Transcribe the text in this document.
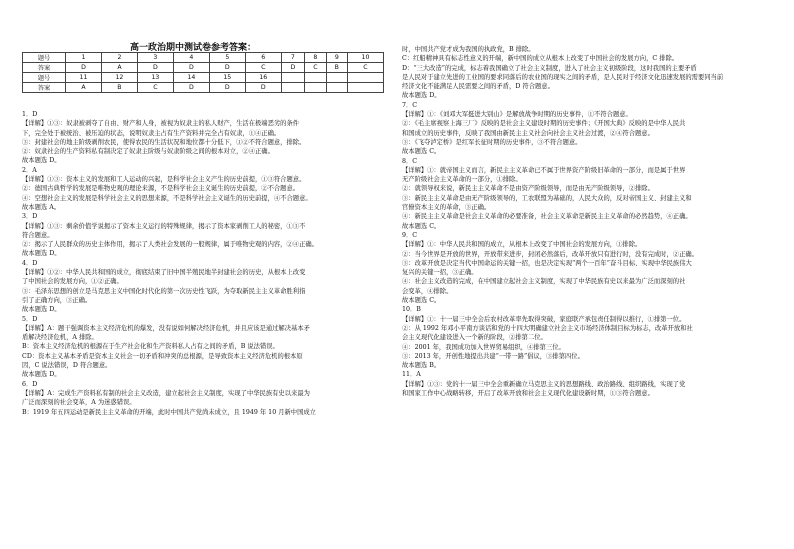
高一政治期中测试卷参考答案：
题号	1	2	3	4	5	6	7	8	9	10
答案	D	A	D	D	D	C	D	C	B	C
题号	11	12	13	14	15	16				
答案	A	B	C	D	D	D				
1．D
【详解】①③：奴隶被剥夺了自由、财产和人身，被视为奴隶主的私人财产，生活在极端恶劣的条件
下，完全处于被统治、被压迫的状态，说明奴隶主占有生产资料并完全占有奴隶，①④正确。
③：封建社会的地主阶级剥削农民，使得农民的生活状况和地位都十分低下，①②不符合题意，排除。
②：奴隶社会的生产资料私有制决定了奴隶主阶级与奴隶阶级之间的根本对立，②④正确。
故本题选 D。
2．A
【详解】①③：资本主义的发展和工人运动的兴起，是科学社会主义产生的历史前提，①③符合题意。
②：德国古典哲学的发展是唯物史观的理论来源，不是科学社会主义诞生的历史前提，②不合题意。
④：空想社会主义的发展是科学社会主义的思想来源，不是科学社会主义诞生的历史前提，④不合题意。
故本题选 A。
3．D
【详解】①③：剩余价值学说揭示了资本主义运行的特殊规律，揭示了资本家剥削工人的秘密，①③不
符合题意。
②：揭示了人民群众的历史主体作用，揭示了人类社会发展的一般规律，属于唯物史观的内容，②④正确。
故本题选 D。
4．D
【详解】①②：中华人民共和国的成立，彻底结束了旧中国半殖民地半封建社会的历史，从根本上改变
了中国社会的发展方向，①②正确。
③：毛泽东思想的创立是马克思主义中国化时代化的第一次历史性飞跃，为夺取新民主主义革命胜利指
引了正确方向，③正确。
故本题选 D。
5．D
【详解】A：题干强调资本主义经济危机的爆发，没有说如何解决经济危机，并且应该是通过解决基本矛
盾解决经济危机，A 排除。
B：资本主义经济危机的根源在于生产社会化和生产资料私人占有之间的矛盾，B 说法错误。
CD：资本主义基本矛盾是资本主义社会一切矛盾和冲突的总根源，是导致资本主义经济危机的根本原
因，C 说法错误，D 符合题意。
故本题选 D。
6．D
【详解】A：完成生产资料私有制的社会主义改造，建立起社会主义制度，实现了中华民族有史以来最为
广泛而深刻的社会变革，A 为迷惑错误。
B：1919 年五四运动是新民主主义革命的开端，此时中国共产党尚未成立，且 1949 年 10 月新中国成立
时，中国共产党才成为我国的执政党，B 排除。
C：红船精神具有标志性意义的开端，新中国的成立从根本上改变了中国社会的发展方向，C 排除。
D：“三大改造”的完成，标志着我国确立了社会主义制度，进入了社会主义初级阶段，这时我国的主要矛盾
是人民对于建立先进的工业国的要求同落后的农业国的现实之间的矛盾，是人民对于经济文化迅速发展的需要同当前
经济文化不能满足人民需要之间的矛盾，D 符合题意。
故本题选 D。
7．C
【详解】①：《刘邓大军挺进大别山》是解放战争时期的历史事件，①不符合题意。
②：《毛主席视察上海三厂》反映的是社会主义建设时期的历史事件；《开国大典》反映的是中华人民共
和国成立的历史事件，反映了我国由新民主主义社会向社会主义社会过渡，②④符合题意。
③：《飞夺泸定桥》是红军长征时期的历史事件，③不符合题意。
故本题选 C。
8．C
【详解】①：就帝国主义而言，新民主主义革命已不属于世界资产阶级旧革命的一部分，而是属于世界
无产阶级社会主义革命的一部分，①排除。
②：就领导权来说，新民主主义革命不是由资产阶级领导，而是由无产阶级领导，②排除。
③：新民主主义革命是由无产阶级领导的，工农联盟为基础的，人民大众的，反对帝国主义、封建主义和
官僚资本主义的革命，③正确。
④：新民主主义革命是社会主义革命的必要准备，社会主义革命是新民主主义革命的必然趋势，④正确。
故本题选 C。
9．C
【详解】①：中华人民共和国的成立，从根本上改变了中国社会的发展方向，①排除。
②：当今世界是开放的世界，开放带来进步，封闭必然落后，改革开放只有进行时，没有完成时，②正确。
③：改革开放是决定当代中国命运的关键一招，也是决定实现“两个一百年”奋斗目标、实现中华民族伟大
复兴的关键一招，③正确。
④：社会主义改造的完成，在中国建立起社会主义制度，实现了中华民族有史以来最为广泛而深刻的社
会变革，④排除。
故本题选 C。
10．B
【详解】①：十一届三中全会后农村改革率先取得突破，家庭联产承包责任制得以推行，①排第一位。
②：从 1992 年邓小平南方谈话和党的十四大明确建立社会主义市场经济体制目标为标志，改革开放和社
会主义现代化建设进入一个新的阶段，②排第二位。
④：2001 年，我国成功加入世界贸易组织，④排第三位。
③：2013 年，开创性地提出共建“一带一路”倡议，③排第四位。
故本题选 B。
11．A
【详解】①③：党的十一届三中全会重新确立马克思主义的思想路线、政治路线、组织路线，实现了党
和国家工作中心战略转移，开启了改革开放和社会主义现代化建设新时期，①③符合题意。
